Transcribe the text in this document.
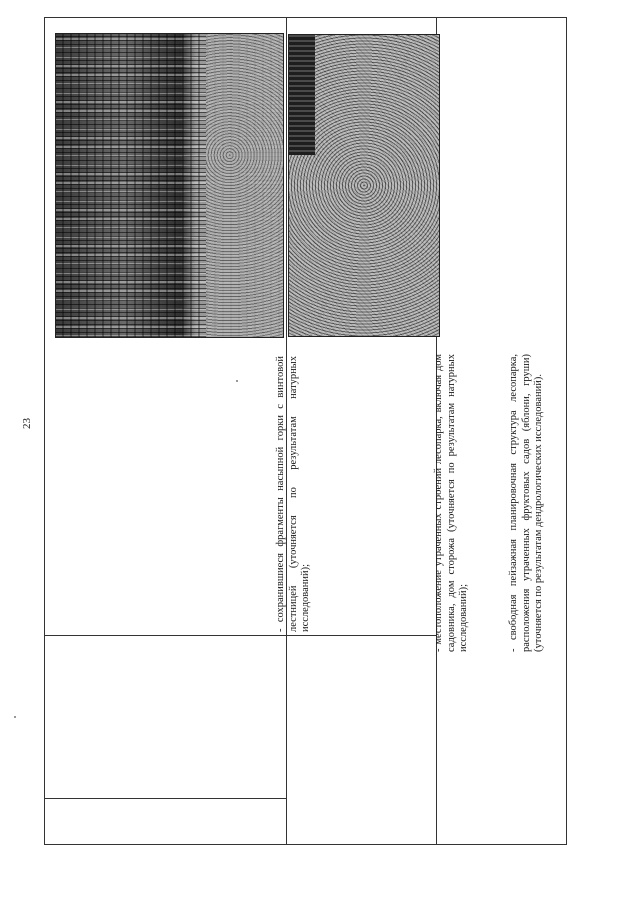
23	- сохранившиеся фрагменты насыпной горки с винтовой лестницей (уточняется по результатам натурных исследований);	- местоположение утраченных строений лесопарка, включая дом садовника, дом сторожа (уточняется по результатам натурных исследований);	- свободная пейзажная планировочная структура лесопарка, расположения утраченных фруктовых садов (яблони, груши) (уточняется по результатам дендрологических исследований).
